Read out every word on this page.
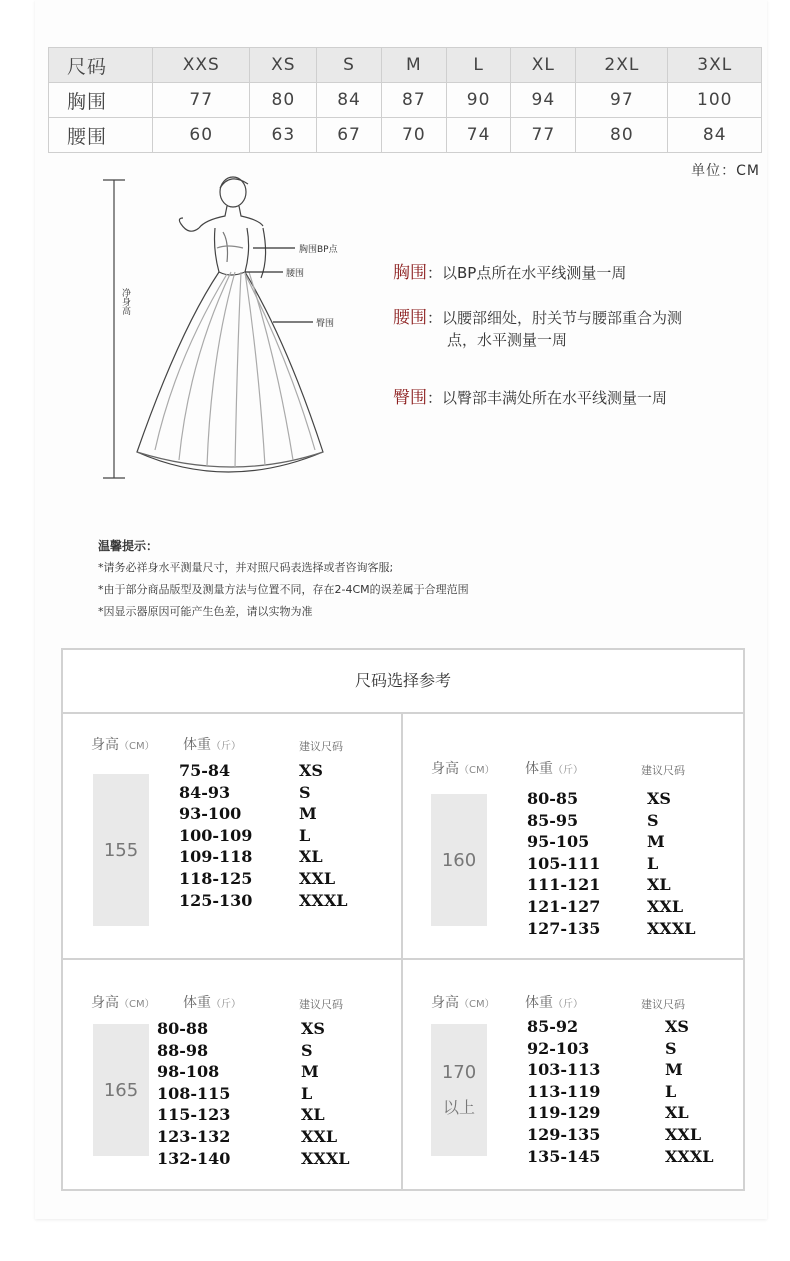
尺码	XXS	XS	S	M	L	XL	2XL	3XL
胸围	77	80	84	87	90	94	97	100
腰围	60	63	67	70	74	77	80	84
单位：CM
胸围BP点
腰围
臀围
净身高
胸围：以BP点所在水平线测量一周
腰围：以腰部细处，肘关节与腰部重合为测
点，水平测量一周
臀围：以臀部丰满处所在水平线测量一周
温馨提示：
*请务必祥身水平测量尺寸，并对照尺码表选择或者咨询客服;
*由于部分商品版型及测量方法与位置不同，存在2-4CM的误差属于合理范围
*因显示器原因可能产生色差，请以实物为准
尺码选择参考
身高（CM） 体重（斤）	建议尺码
155
75-84	XS
84-93	S
93-100	M
100-109	L
109-118	XL
118-125	XXL
125-130	XXXL
身高（CM） 体重（斤）	建议尺码
160
80-85	XS
85-95	S
95-105	M
105-111	L
111-121	XL
121-127	XXL
127-135	XXXL
身高（CM） 体重（斤）	建议尺码
165
80-88	XS
88-98	S
98-108	M
108-115	L
115-123	XL
123-132	XXL
132-140	XXXL
身高（CM） 体重（斤）	建议尺码
170
以上
85-92	XS
92-103	S
103-113	M
113-119	L
119-129	XL
129-135	XXL
135-145	XXXL
